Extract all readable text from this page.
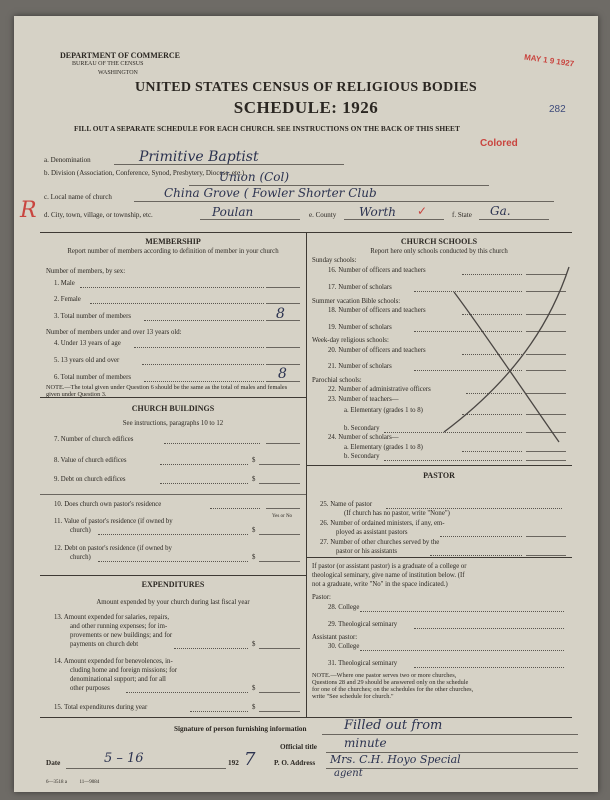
DEPARTMENT OF COMMERCE
BUREAU OF THE CENSUS
WASHINGTON
MAY 1 9 1927
282
UNITED STATES CENSUS OF RELIGIOUS BODIES
SCHEDULE: 1926
FILL OUT A SEPARATE SCHEDULE FOR EACH CHURCH. SEE INSTRUCTIONS ON THE BACK OF THIS SHEET
Colored
R
a. Denomination	Primitive Baptist
b. Division (Association, Conference, Synod, Presbytery, Diocese, etc.)
Union (Col)
c. Local name of church	China Grove ( Fowler Shorter Club
d. City, town, village, or township, etc.	Poulan	e. County Worth ✓	f. State Ga.
MEMBERSHIP
Report number of members according to definition of member in your church
Number of members, by sex:
1. Male
2. Female
3. Total number of members	8
Number of members under and over 13 years old:
4. Under 13 years of age
5. 13 years old and over
6. Total number of members	8
NOTE.—The total given under Question 6 should be the same as the total of males and females given under Question 3.
CHURCH BUILDINGS
See instructions, paragraphs 10 to 12
7. Number of church edifices
8. Value of church edifices	$
9. Debt on church edifices	$
10. Does church own pastor's residence
Yes or No
11. Value of pastor's residence (if owned by
church)	$
12. Debt on pastor's residence (if owned by
church)	$
EXPENDITURES
Amount expended by your church during last fiscal year
13. Amount expended for salaries, repairs,
and other running expenses; for im-
provements or new buildings; and for
payments on church debt	$
14. Amount expended for benevolences, in-
cluding home and foreign missions; for
denominational support; and for all
other purposes	$
15. Total expenditures during year	$
CHURCH SCHOOLS
Report here only schools conducted by this church
Sunday schools:
16. Number of officers and teachers
17. Number of scholars
Summer vacation Bible schools:
18. Number of officers and teachers
19. Number of scholars
Week-day religious schools:
20. Number of officers and teachers
21. Number of scholars
Parochial schools:
22. Number of administrative officers
23. Number of teachers—
a. Elementary (grades 1 to 8)
b. Secondary
24. Number of scholars—
a. Elementary (grades 1 to 8)
b. Secondary
PASTOR
25. Name of pastor
(If church has no pastor, write "None")
26. Number of ordained ministers, if any, em-
ployed as assistant pastors
27. Number of other churches served by the
pastor or his assistants
If pastor (or assistant pastor) is a graduate of a college or
theological seminary, give name of institution below. (If
not a graduate, write "No" in the space indicated.)
Pastor:
28. College
29. Theological seminary
Assistant pastor:
30. College
31. Theological seminary
NOTE.—Where one pastor serves two or more churches,
Questions 28 and 29 should be answered only on the schedule
for one of the churches; on the schedules for the other churches,
write "See schedule for church."
Signature of person furnishing information	Filled out from
Official title minute
Date	5 – 16	192 7	P. O. Address Mrs. C.H. Hoyo Special
agent
6—3518 a          11—9084
